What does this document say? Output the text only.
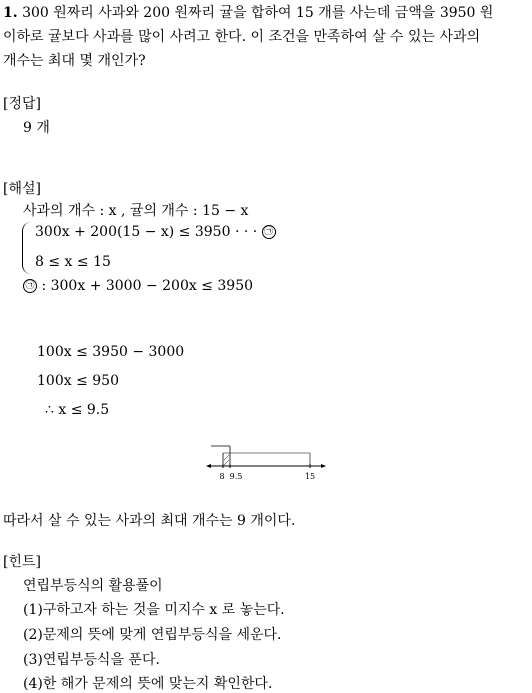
1. 300 원짜리 사과와 200 원짜리 귤을 합하여 15 개를 사는데 금액을 3950 원
이하로 귤보다 사과를 많이 사려고 한다. 이 조건을 만족하여 살 수 있는 사과의
개수는 최대 몇 개인가?
[정답]
9 개
[해설]
사과의 개수 : x , 귤의 개수 : 15 − x
300x + 200(15 − x) ≤ 3950 · · · ㉠
8 ≤ x ≤ 15
㉠ : 300x + 3000 − 200x ≤ 3950
100x ≤ 3950 − 3000
100x ≤ 950
∴ x ≤ 9.5
8 9.5	15
따라서 살 수 있는 사과의 최대 개수는 9 개이다.
[힌트]
연립부등식의 활용풀이
(1)구하고자 하는 것을 미지수 x 로 놓는다.
(2)문제의 뜻에 맞게 연립부등식을 세운다.
(3)연립부등식을 푼다.
(4)한 해가 문제의 뜻에 맞는지 확인한다.
